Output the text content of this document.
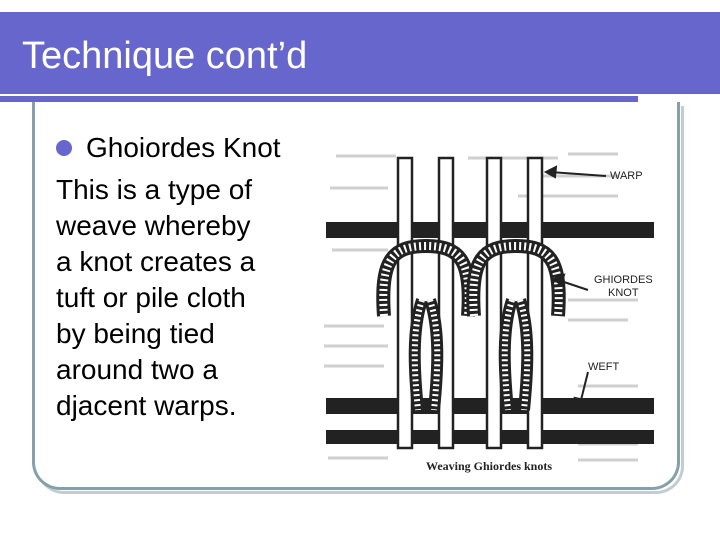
Technique cont’d
Ghoiordes Knot
This is a type of
weave whereby
a knot creates a
tuft or pile cloth
by being tied
around two a
djacent warps.
WARP
GHIORDES
KNOT
WEFT
Weaving Ghiordes knots
